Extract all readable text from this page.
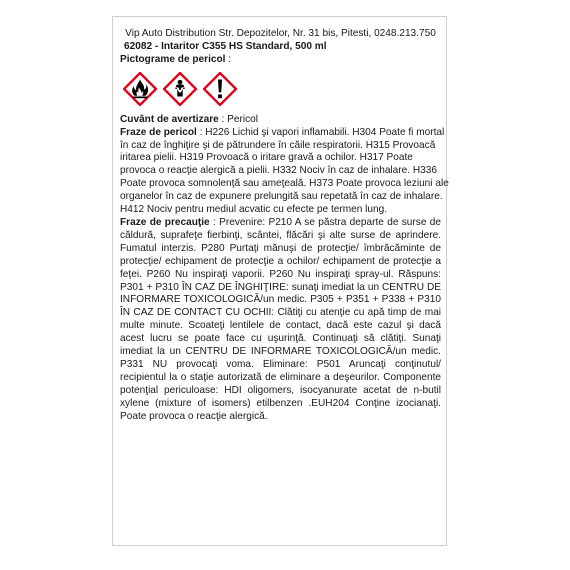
Vip Auto Distribution Str. Depozitelor, Nr. 31 bis, Pitesti, 0248.213.750
62082 - Intaritor C355 HS Standard, 500 ml
Pictograme de pericol :
Cuvânt de avertizare : Pericol
Fraze de pericol : H226 Lichid şi vapori inflamabili. H304 Poate fi mortal
în caz de înghiţire şi de pătrundere în căile respiratorii. H315 Provoacă
iritarea pielii. H319 Provoacă o iritare gravă a ochilor. H317 Poate
provoca o reacţie alergică a pielii. H332 Nociv în caz de inhalare. H336
Poate provoca somnolenţă sau ameţeală. H373 Poate provoca leziuni ale
organelor în caz de expunere prelungită sau repetată în caz de inhalare.
H412 Nociv pentru mediul acvatic cu efecte pe termen lung.

Fraze de precauţie : Prevenire: P210 A se păstra departe de surse de căldură, suprafeţe fierbinţi, scântei, flăcări şi alte surse de aprindere. Fumatul interzis. P280 Purtaţi mănuşi de protecţie/ îmbrăcăminte de protecţie/ echipament de protecţie a ochilor/ echipament de protecţie a feţei. P260 Nu inspiraţi vaporii. P260 Nu inspiraţi spray-ul. Răspuns: P301 + P310 ÎN CAZ DE ÎNGHIŢIRE: sunaţi imediat la un CENTRU DE INFORMARE TOXICOLOGICĂ/un medic. P305 + P351 + P338 + P310 ÎN CAZ DE CONTACT CU OCHII: Clătiţi cu atenţie cu apă timp de mai multe minute. Scoateţi lentilele de contact, dacă este cazul şi dacă acest lucru se poate face cu uşurinţă. Continuaţi să clătiţi. Sunaţi imediat la un CENTRU DE INFORMARE TOXICOLOGICĂ/un medic. P331 NU provocaţi voma. Eliminare: P501 Aruncaţi conţinutul/ recipientul la o staţie autorizată de eliminare a deşeurilor. Componente potenţial periculoase: HDI oligomers, isocyanurate acetat de n-butil xylene (mixture of isomers) etilbenzen .EUH204 Conţine izocianaţi. Poate provoca o reacţie alergică.
